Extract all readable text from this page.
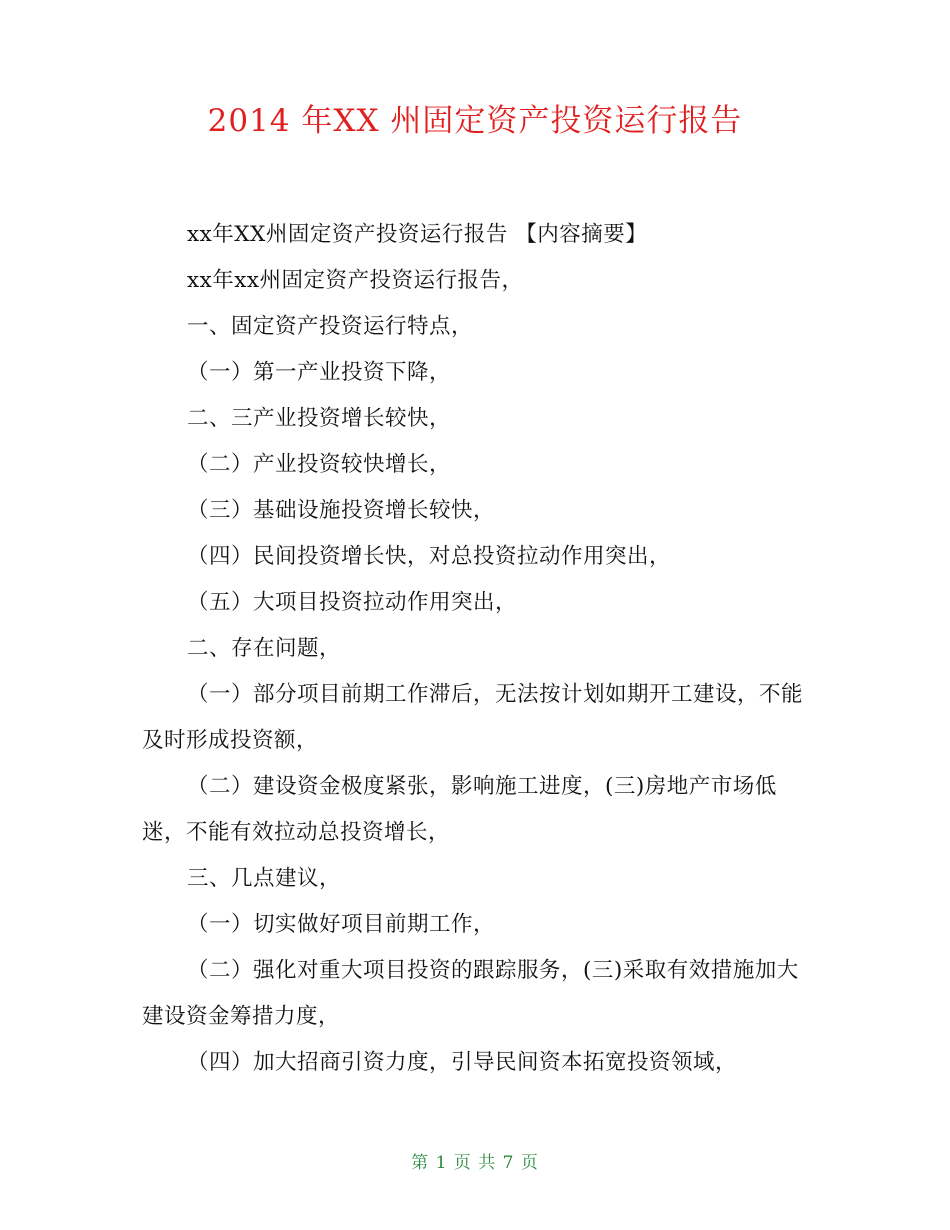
2014 年XX 州固定资产投资运行报告

xx年XX州固定资产投资运行报告 【内容摘要】

xx年xx州固定资产投资运行报告，

一、固定资产投资运行特点，

（一）第一产业投资下降，

二、三产业投资增长较快，

（二）产业投资较快增长，

（三）基础设施投资增长较快，

（四）民间投资增长快，对总投资拉动作用突出，

（五）大项目投资拉动作用突出，

二、存在问题，

（一）部分项目前期工作滞后，无法按计划如期开工建设，不能及时形成投资额，

（二）建设资金极度紧张，影响施工进度，(三)房地产市场低迷，不能有效拉动总投资增长，

三、几点建议，

（一）切实做好项目前期工作，

（二）强化对重大项目投资的跟踪服务，(三)采取有效措施加大建设资金筹措力度，

（四）加大招商引资力度，引导民间资本拓宽投资领域，

第 1 页 共 7 页
